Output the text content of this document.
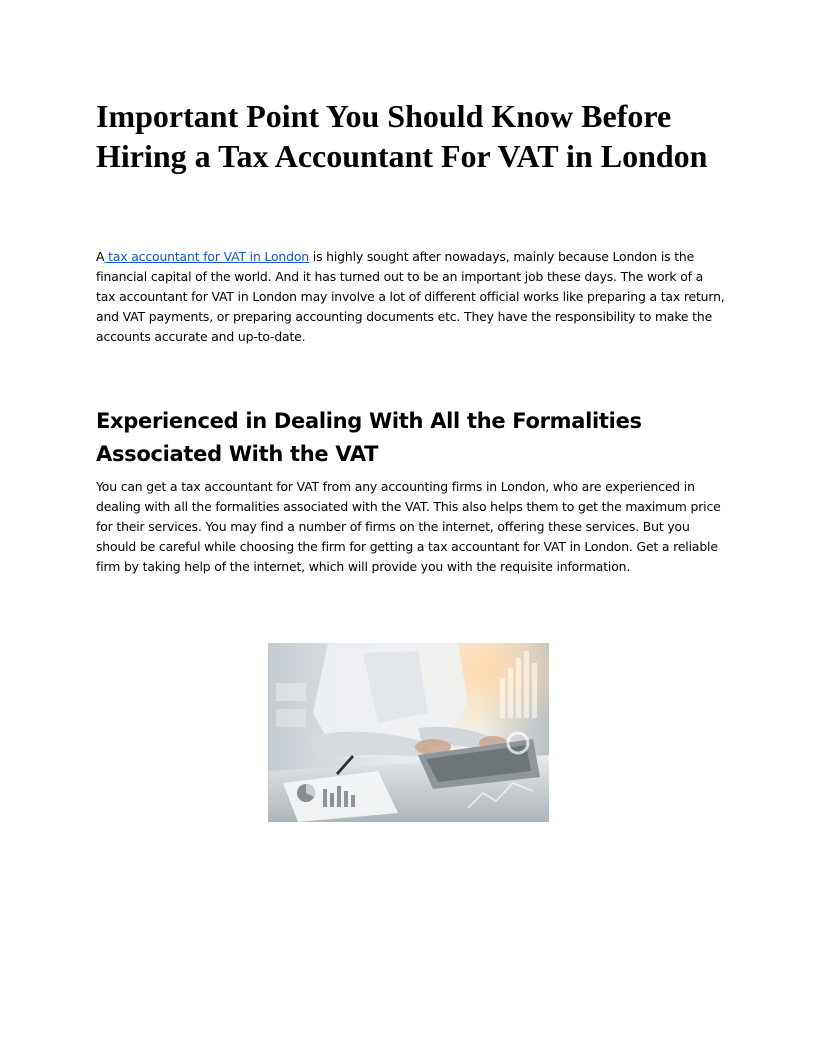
Important Point You Should Know Before Hiring a Tax Accountant For VAT in London

A tax accountant for VAT in London is highly sought after nowadays, mainly because London is the financial capital of the world. And it has turned out to be an important job these days. The work of a tax accountant for VAT in London may involve a lot of different official works like preparing a tax return, and VAT payments, or preparing accounting documents etc. They have the responsibility to make the accounts accurate and up-to-date.

Experienced in Dealing With All the Formalities Associated With the VAT

You can get a tax accountant for VAT from any accounting firms in London, who are experienced in dealing with all the formalities associated with the VAT. This also helps them to get the maximum price for their services. You may find a number of firms on the internet, offering these services. But you should be careful while choosing the firm for getting a tax accountant for VAT in London. Get a reliable firm by taking help of the internet, which will provide you with the requisite information.
